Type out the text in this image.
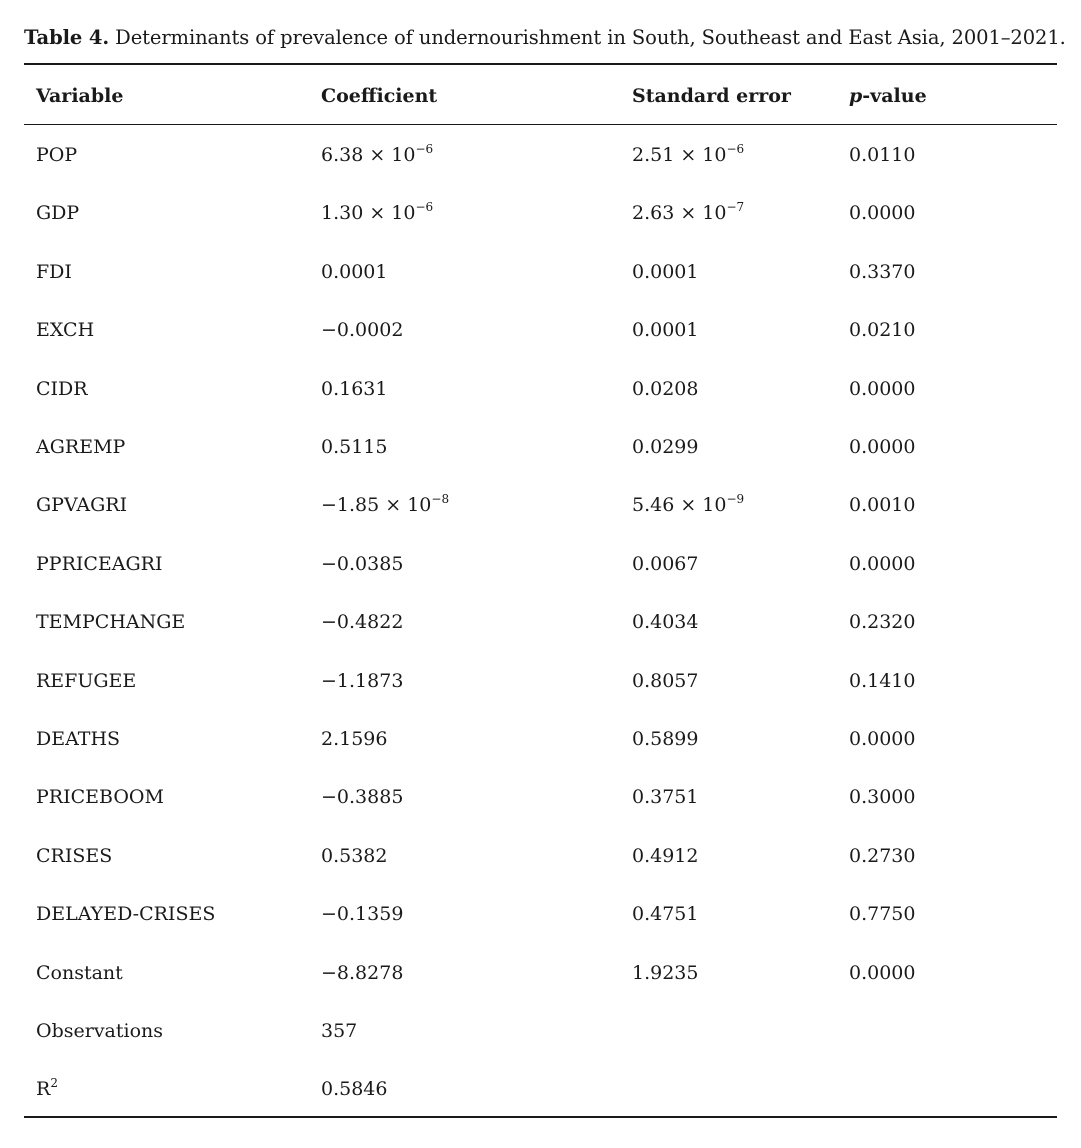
Table 4. Determinants of prevalence of undernourishment in South, Southeast and East Asia, 2001–2021.
Variable	Coefficient	Standard error	p-value
POP	$6.38 \times 10^{-6}$	$2.51 \times 10^{-6}$	0.0110
GDP	$1.30 \times 10^{-6}$	$2.63 \times 10^{-7}$	0.0000
FDI	0.0001	0.0001	0.3370
EXCH	−0.0002	0.0001	0.0210
CIDR	0.1631	0.0208	0.0000
AGREMP	0.5115	0.0299	0.0000
GPVAGRI	$-1.85 \times 10^{-8}$	$5.46 \times 10^{-9}$	0.0010
PPRICEAGRI	−0.0385	0.0067	0.0000
TEMPCHANGE	−0.4822	0.4034	0.2320
REFUGEE	−1.1873	0.8057	0.1410
DEATHS	2.1596	0.5899	0.0000
PRICEBOOM	−0.3885	0.3751	0.3000
CRISES	0.5382	0.4912	0.2730
DELAYED-CRISES	−0.1359	0.4751	0.7750
Constant	−8.8278	1.9235	0.0000
Observations	357
$R^2$	0.5846
